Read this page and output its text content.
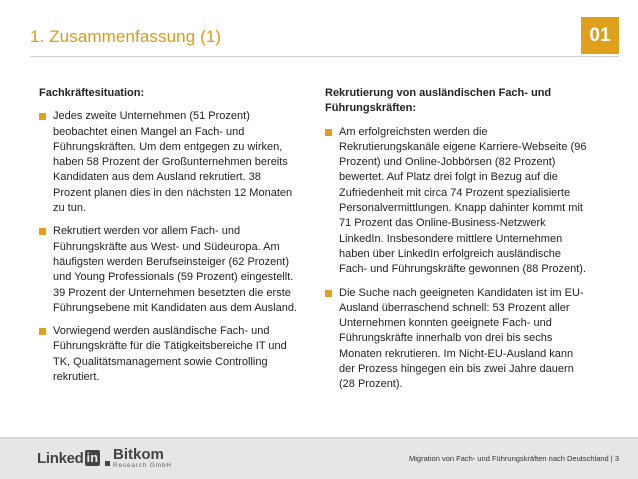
1. Zusammenfassung (1)	01
Fachkräftesituation:
Jedes zweite Unternehmen (51 Prozent) beobachtet einen Mangel an Fach- und Führungskräften. Um dem entgegen zu wirken, haben 58 Prozent der Großunternehmen bereits Kandidaten aus dem Ausland rekrutiert. 38 Prozent planen dies in den nächsten 12 Monaten zu tun.
Rekrutiert werden vor allem Fach- und Führungskräfte aus West- und Südeuropa. Am häufigsten werden Berufseinsteiger (62 Prozent) und Young Professionals (59 Prozent) eingestellt. 39 Prozent der Unternehmen besetzten die erste Führungsebene mit Kandidaten aus dem Ausland.
Vorwiegend werden ausländische Fach- und Führungskräfte für die Tätigkeitsbereiche IT und TK, Qualitätsmanagement sowie Controlling rekrutiert.
Rekrutierung von ausländischen Fach- und Führungskräften:
Am erfolgreichsten werden die Rekrutierungskanäle eigene Karriere-Webseite (96 Prozent) und Online-Jobbörsen (82 Prozent) bewertet. Auf Platz drei folgt in Bezug auf die Zufriedenheit mit circa 74 Prozent spezialisierte Personalvermittlungen. Knapp dahinter kommt mit 71 Prozent das Online-Business-Netzwerk LinkedIn. Insbesondere mittlere Unternehmen haben über LinkedIn erfolgreich ausländische Fach- und Führungskräfte gewonnen (88 Prozent).
Die Suche nach geeigneten Kandidaten ist im EU-Ausland überraschend schnell: 53 Prozent aller Unternehmen konnten geeignete Fach- und Führungskräfte innerhalb von drei bis sechs Monaten rekrutieren. Im Nicht-EU-Ausland kann der Prozess hingegen ein bis zwei Jahre dauern (28 Prozent).
Linked in Bitkom
Research GmbH
Migration von Fach- und Führungskräften nach Deutschland | 3
